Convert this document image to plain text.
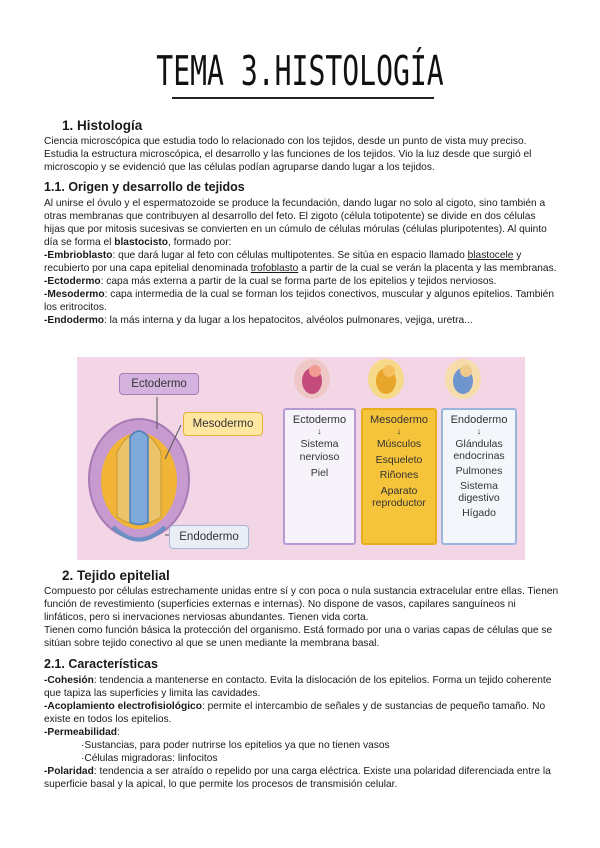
TEMA 3.HISTOLOGÍA
1. Histología

Ciencia microscópica que estudia todo lo relacionado con los tejidos, desde un punto de vista muy preciso. Estudia la estructura microscópica, el desarrollo y las funciones de los tejidos. Vio la luz desde que surgió el microscopio y se evidenció que las células podían agruparse dando lugar a los tejidos.

1.1. Origen y desarrollo de tejidos

Al unirse el óvulo y el espermatozoide se produce la fecundación, dando lugar no solo al cigoto, sino también a otras membranas que contribuyen al desarrollo del feto. El zigoto (célula totipotente) se divide en dos células hijas que por mitosis sucesivas se convierten en un cúmulo de células mórulas (células pluripotentes). Al quinto día se forma el blastocisto, formado por:

-Embrioblasto: que dará lugar al feto con células multipotentes. Se sitúa en espacio llamado blastocele y recubierto por una capa epitelial denominada trofoblasto a partir de la cual se verán la placenta y las membranas.

-Ectodermo: capa más externa a partir de la cual se forma parte de los epitelios y tejidos nerviosos.

-Mesodermo: capa intermedia de la cual se forman los tejidos conectivos, muscular y algunos epitelios. También los eritrocitos.

-Endodermo: la más interna y da lugar a los hepatocitos, alvéolos pulmonares, vejiga, uretra...

Ectodermo
Mesodermo
Endodermo
Ectodermo
↓
Sistema nervioso
Piel
Mesodermo
↓
Músculos
Esqueleto
Riñones
Aparato reproductor
Endodermo
↓
Glándulas endocrinas
Pulmones
Sistema digestivo
Hígado
2. Tejido epitelial

Compuesto por células estrechamente unidas entre sí y con poca o nula sustancia extracelular entre ellas. Tienen función de revestimiento (superficies externas e internas). No dispone de vasos, capilares sanguíneos ni linfáticos, pero si inervaciones nerviosas abundantes. Tienen vida corta.

Tienen como función básica la protección del organismo. Está formado por una o varias capas de células que se sitúan sobre tejido conectivo al que se unen mediante la membrana basal.

2.1. Características

-Cohesión: tendencia a mantenerse en contacto. Evita la dislocación de los epitelios. Forma un tejido coherente que tapiza las superficies y limita las cavidades.

-Acoplamiento electrofisiológico: permite el intercambio de señales y de sustancias de pequeño tamaño. No existe en todos los epitelios.

-Permeabilidad:

·Sustancias, para poder nutrirse los epitelios ya que no tienen vasos

·Células migradoras: linfocitos

-Polaridad: tendencia a ser atraído o repelido por una carga eléctrica. Existe una polaridad diferenciada entre la superficie basal y la apical, lo que permite los procesos de transmisión celular.
